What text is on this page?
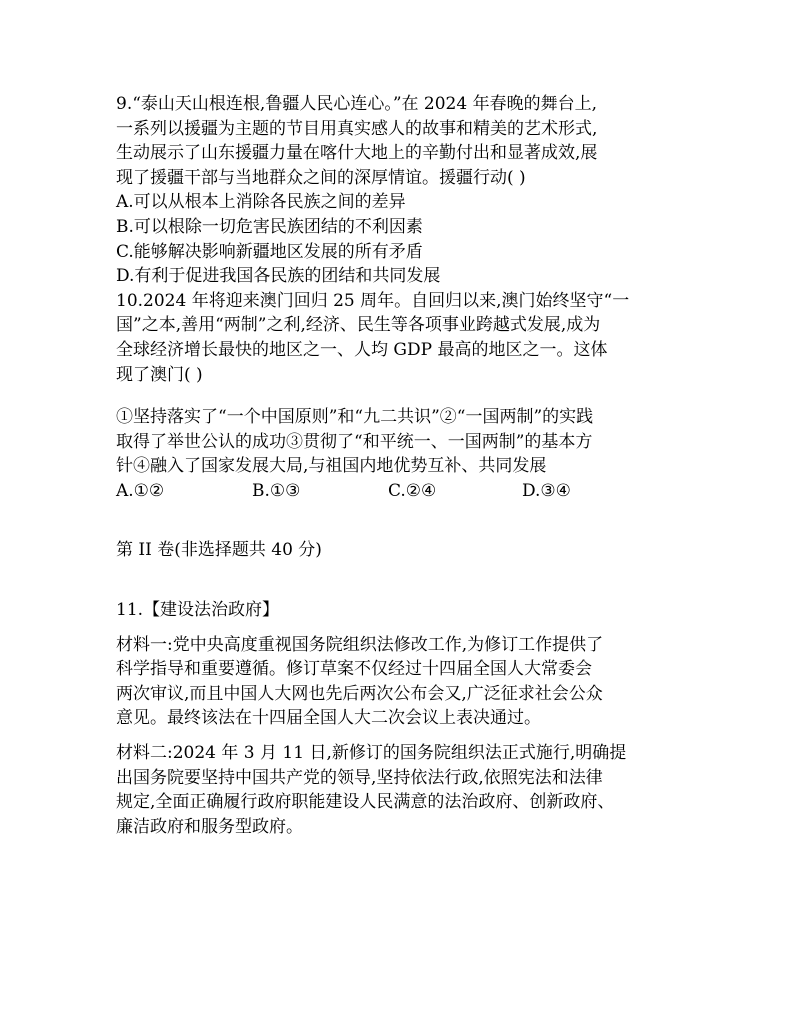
9.“泰山天山根连根,鲁疆人民心连心。”在 2024 年春晚的舞台上,
一系列以援疆为主题的节目用真实感人的故事和精美的艺术形式,
生动展示了山东援疆力量在喀什大地上的辛勤付出和显著成效,展
现了援疆干部与当地群众之间的深厚情谊。援疆行动( )
A.可以从根本上消除各民族之间的差异
B.可以根除一切危害民族团结的不利因素
C.能够解决影响新疆地区发展的所有矛盾
D.有利于促进我国各民族的团结和共同发展
10.2024 年将迎来澳门回归 25 周年。自回归以来,澳门始终坚守“一
国”之本,善用“两制”之利,经济、民生等各项事业跨越式发展,成为
全球经济增长最快的地区之一、人均 GDP 最高的地区之一。这体
现了澳门( )
①坚持落实了“一个中国原则”和“九二共识”②“一国两制”的实践
取得了举世公认的成功③贯彻了“和平统一、一国两制”的基本方
针④融入了国家发展大局,与祖国内地优势互补、共同发展
A.①②	B.①③	C.②④	D.③④
第 II 卷(非选择题共 40 分)
11.【建设法治政府】
材料一:党中央高度重视国务院组织法修改工作,为修订工作提供了
科学指导和重要遵循。修订草案不仅经过十四届全国人大常委会
两次审议,而且中国人大网也先后两次公布会又,广泛征求社会公众
意见。最终该法在十四届全国人大二次会议上表决通过。
材料二:2024 年 3 月 11 日,新修订的国务院组织法正式施行,明确提
出国务院要坚持中国共产党的领导,坚持依法行政,依照宪法和法律
规定,全面正确履行政府职能建设人民满意的法治政府、创新政府、
廉洁政府和服务型政府。
